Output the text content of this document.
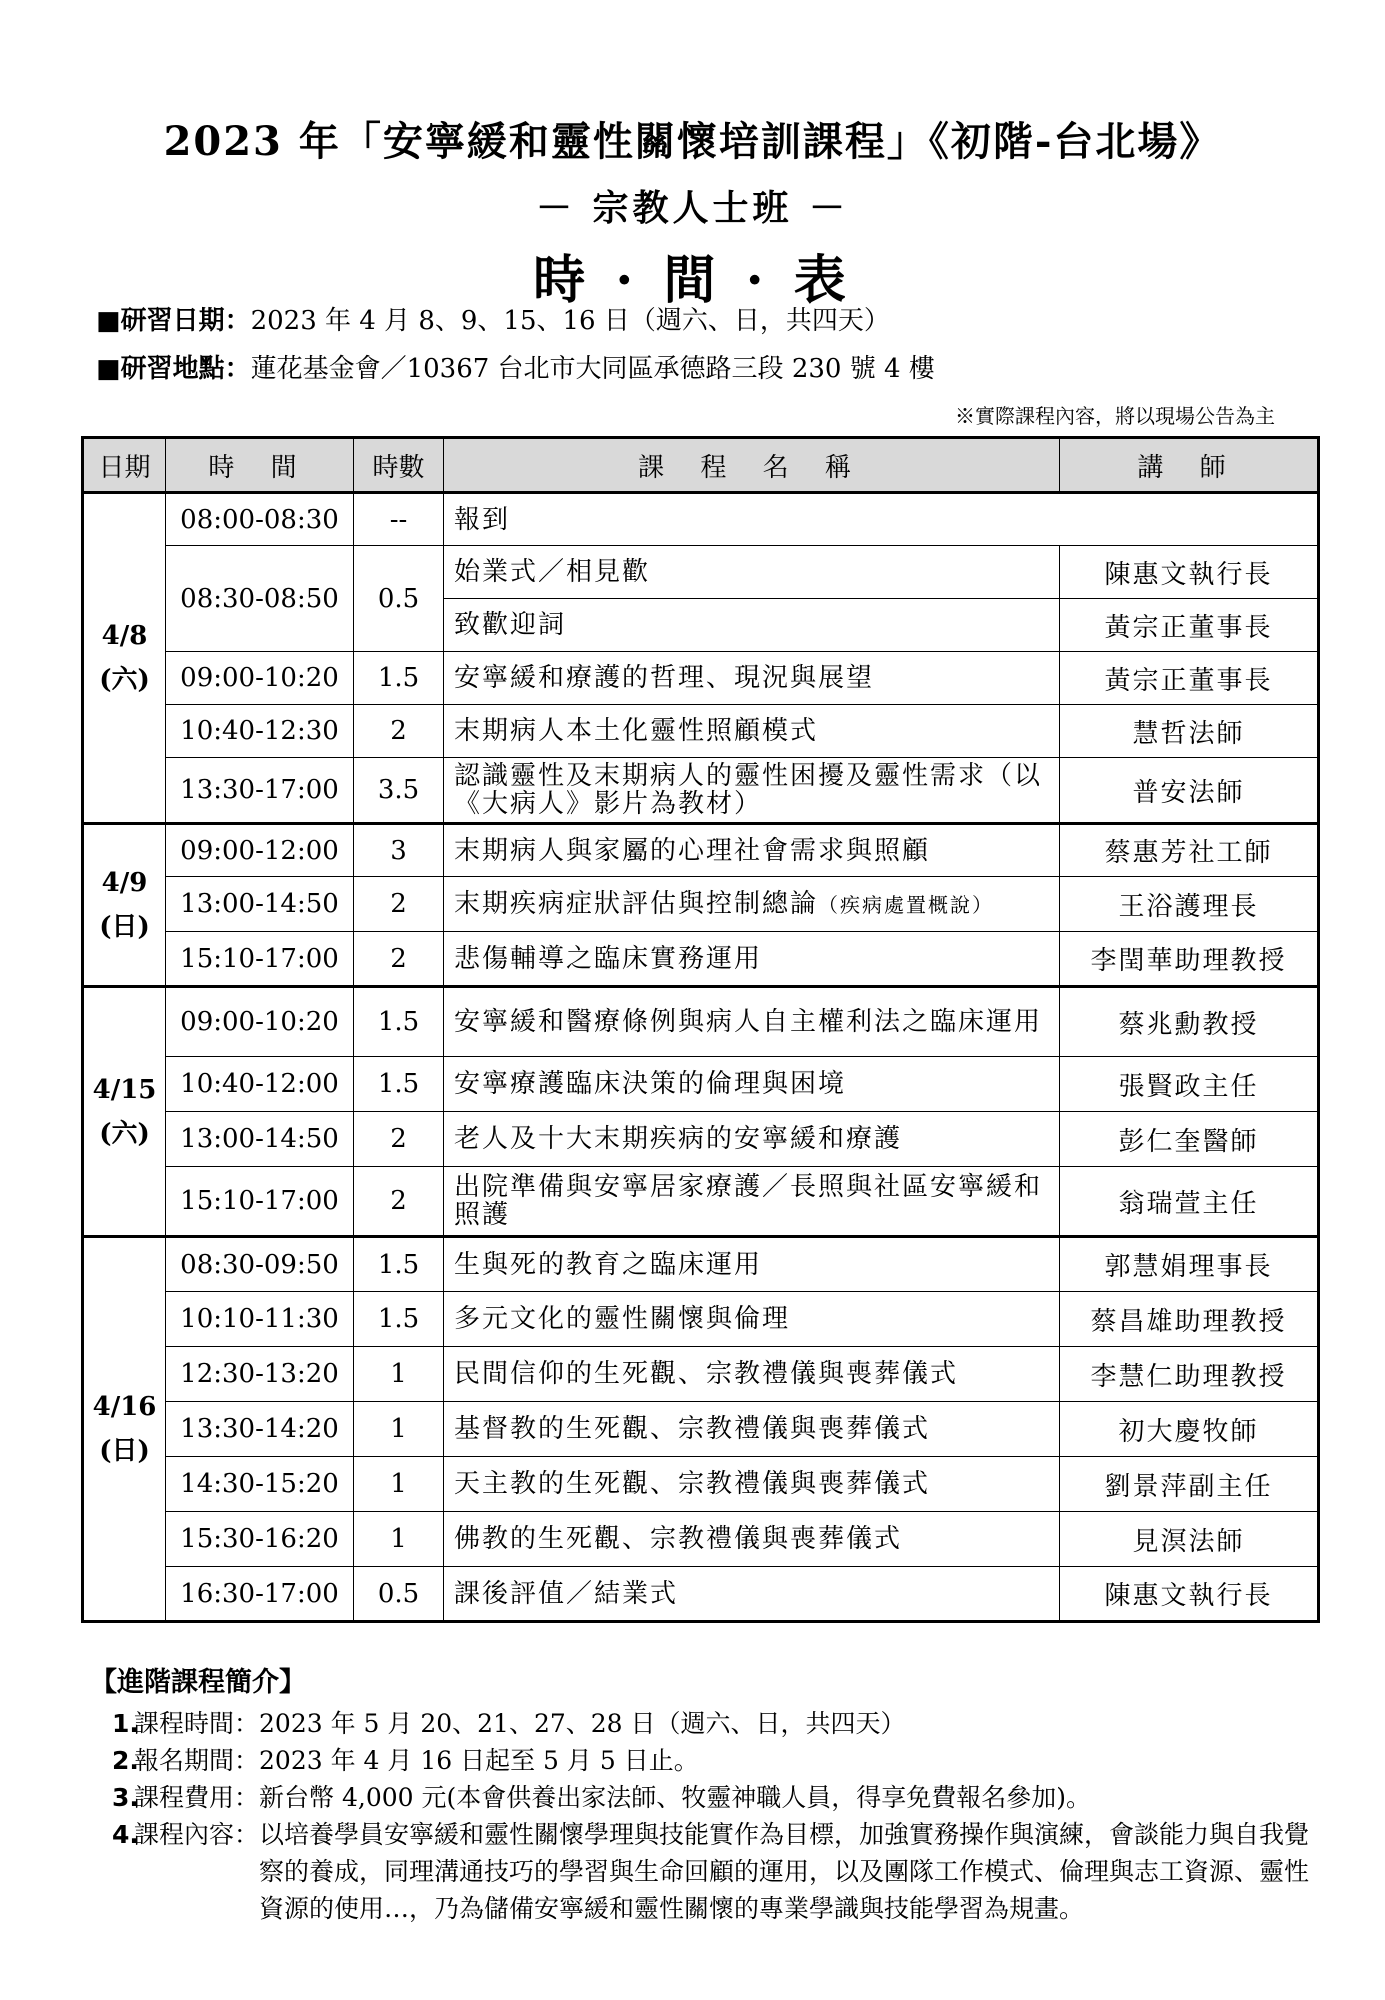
2023 年「安寧緩和靈性關懷培訓課程」《初階-台北場》
－ 宗教人士班 －
時 · 間 · 表
■研習日期：2023 年 4 月 8、9、15、16 日（週六、日，共四天）
■研習地點：蓮花基金會／10367 台北市大同區承德路三段 230 號 4 樓
※實際課程內容，將以現場公告為主
日期	時 間	時數	課 程 名 稱	講 師

4/8
(六)	08:00-08:30	--	報到	
	08:30-08:50	0.5	始業式／相見歡	陳惠文執行長
			致歡迎詞	黃宗正董事長
	09:00-10:20	1.5	安寧緩和療護的哲理、現況與展望	黃宗正董事長
	10:40-12:30	2	末期病人本土化靈性照顧模式	慧哲法師
	13:30-17:00	3.5	認識靈性及末期病人的靈性困擾及靈性需求（以《大病人》影片為教材）	普安法師

4/9
(日)	09:00-12:00	3	末期病人與家屬的心理社會需求與照顧	蔡惠芳社工師
	13:00-14:50	2	末期疾病症狀評估與控制總論（疾病處置概說）	王浴護理長
	15:10-17:00	2	悲傷輔導之臨床實務運用	李閏華助理教授

4/15
(六)	09:00-10:20	1.5	安寧緩和醫療條例與病人自主權利法之臨床運用	蔡兆勳教授
	10:40-12:00	1.5	安寧療護臨床決策的倫理與困境	張賢政主任
	13:00-14:50	2	老人及十大末期疾病的安寧緩和療護	彭仁奎醫師
	15:10-17:00	2	出院準備與安寧居家療護／長照與社區安寧緩和照護	翁瑞萱主任

4/16
(日)	08:30-09:50	1.5	生與死的教育之臨床運用	郭慧娟理事長
	10:10-11:30	1.5	多元文化的靈性關懷與倫理	蔡昌雄助理教授
	12:30-13:20	1	民間信仰的生死觀、宗教禮儀與喪葬儀式	李慧仁助理教授
	13:30-14:20	1	基督教的生死觀、宗教禮儀與喪葬儀式	初大慶牧師
	14:30-15:20	1	天主教的生死觀、宗教禮儀與喪葬儀式	劉景萍副主任
	15:30-16:20	1	佛教的生死觀、宗教禮儀與喪葬儀式	見溟法師
	16:30-17:00	0.5	課後評值／結業式	陳惠文執行長
【進階課程簡介】
1.
課程時間： 2023 年 5 月 20、21、27、28 日（週六、日，共四天）
2.
報名期間： 2023 年 4 月 16 日起至 5 月 5 日止。
3.
課程費用： 新台幣 4,000 元(本會供養出家法師、牧靈神職人員，得享免費報名參加)。
4.
課程內容： 以培養學員安寧緩和靈性關懷學理與技能實作為目標，加強實務操作與演練，會談能力與自我覺察的養成，同理溝通技巧的學習與生命回顧的運用，以及團隊工作模式、倫理與志工資源、靈性資源的使用…，乃為儲備安寧緩和靈性關懷的專業學識與技能學習為規畫。
